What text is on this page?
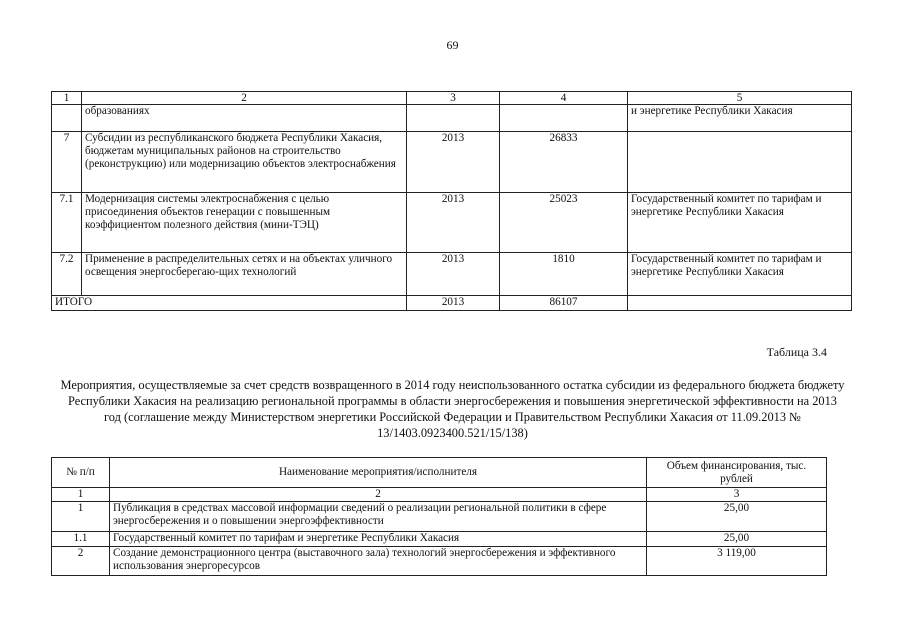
69
1	2	3	4	5
	образованиях			и энергетике Республики Хакасия
7	Субсидии из республиканского бюджета Республики Хакасия, бюджетам муниципальных районов на строительство (реконструкцию) или модернизацию объектов электроснабжения	2013	26833	
7.1	Модернизация системы электроснабжения с целью присоединения объектов генерации с повышенным коэффициентом полезного действия (мини-ТЭЦ)	2013	25023	Государственный комитет по тарифам и энергетике Республики Хакасия
7.2	Применение в распределительных сетях и на объектах уличного освещения энергосберегаю-щих технологий	2013	1810	Государственный комитет по тарифам и энергетике Республики Хакасия
ИТОГО		2013	86107	
Таблица 3.4
Мероприятия, осуществляемые за счет средств возвращенного в 2014 году неиспользованного остатка субсидии из федерального бюджета бюджету Республики Хакасия на реализацию региональной программы в области энергосбережения и повышения энергетической эффективности на 2013 год (соглашение между Министерством энергетики Российской Федерации и Правительством Республики Хакасия от 11.09.2013 № 13/1403.0923400.521/15/138)
№ п/п	Наименование мероприятия/исполнителя	Объем финансирования, тыс. рублей
1	2	3
1	Публикация в средствах массовой информации сведений о реализации региональной политики в сфере энергосбережения и о повышении энергоэффективности	25,00
1.1	Государственный комитет по тарифам и энергетике Республики Хакасия	25,00
2	Создание демонстрационного центра (выставочного зала) технологий энергосбережения и эффективного использования энергоресурсов	3 119,00
